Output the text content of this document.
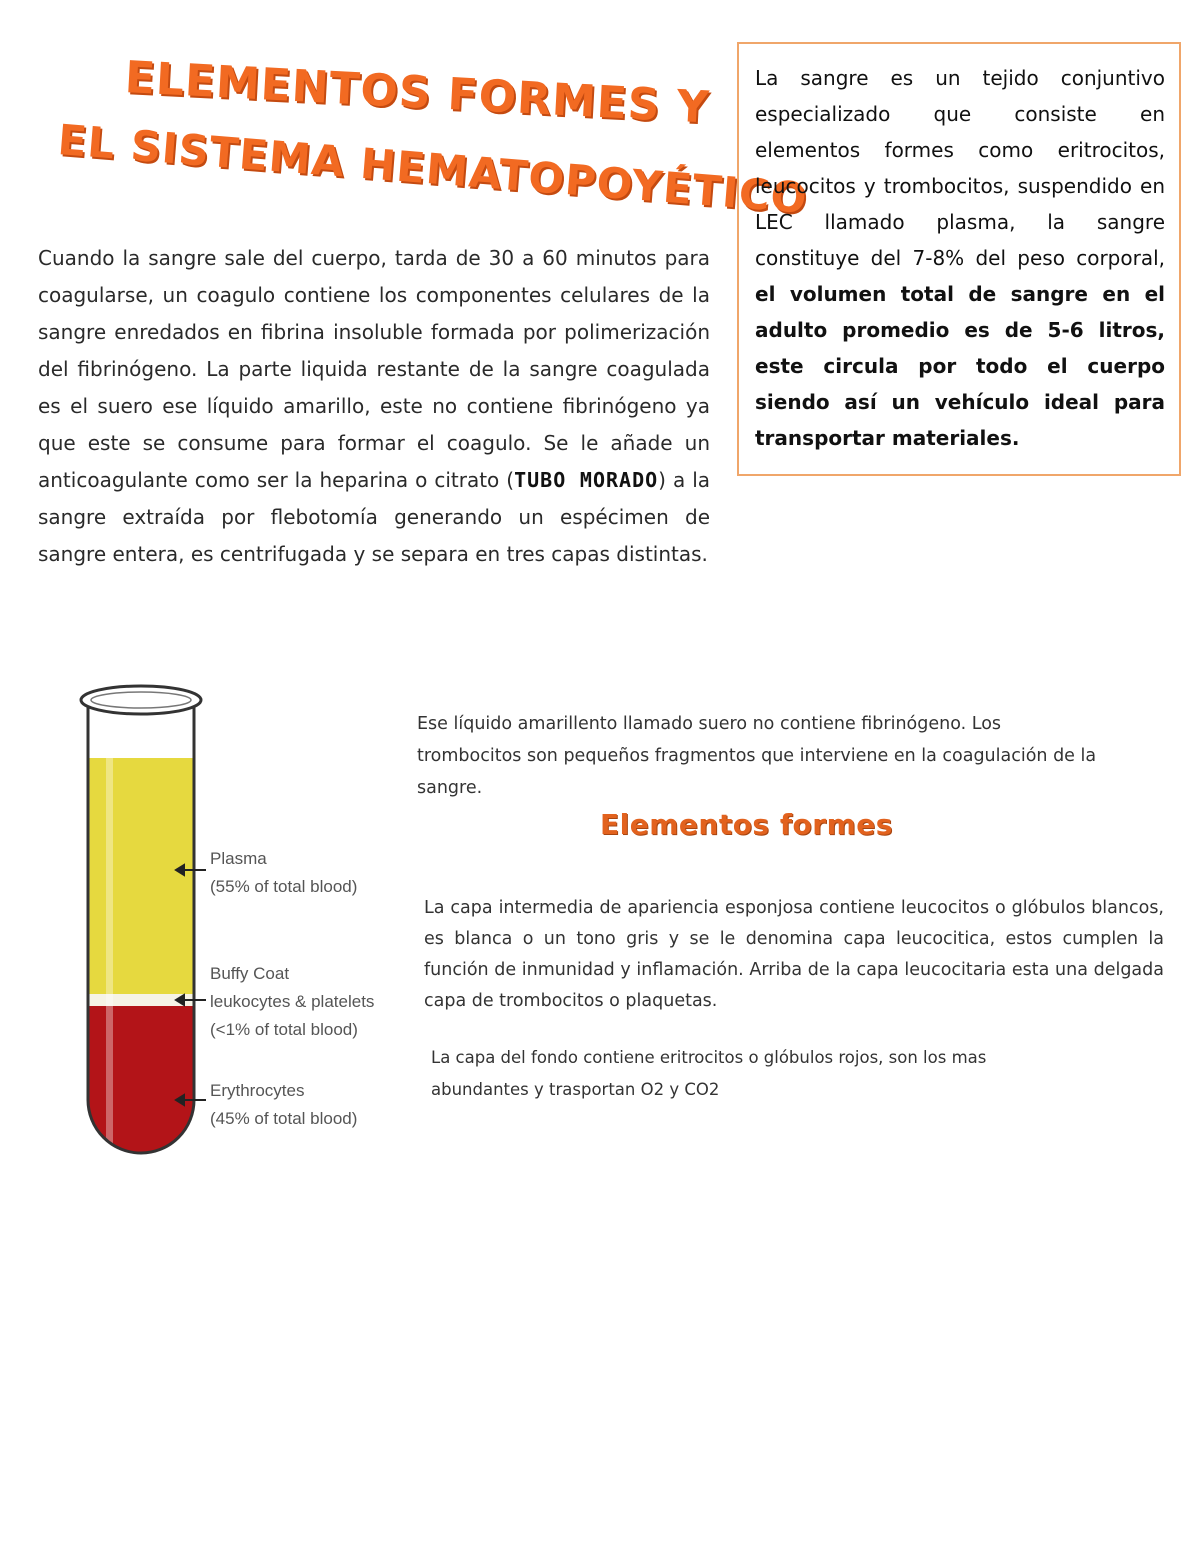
ELEMENTOS FORMES Y
EL SISTEMA HEMATOPOYÉTICO

Cuando la sangre sale del cuerpo, tarda de 30 a 60 minutos para coagularse, un coagulo contiene los componentes celulares de la sangre enredados en fibrina insoluble formada por polimerización del fibrinógeno. La parte liquida restante de la sangre coagulada es el suero ese líquido amarillo, este no contiene fibrinógeno ya que este se consume para formar el coagulo. Se le añade un anticoagulante como ser la heparina o citrato (TUBO MORADO) a la sangre extraída por flebotomía generando un espécimen de sangre entera, es centrifugada y se separa en tres capas distintas.

La sangre es un tejido conjuntivo especializado que consiste en elementos formes como eritrocitos, leucocitos y trombocitos, suspendido en LEC llamado plasma, la sangre constituye del 7-8% del peso corporal, el volumen total de sangre en el adulto promedio es de 5-6 litros, este circula por todo el cuerpo siendo así un vehículo ideal para transportar materiales.

Plasma
(55% of total blood)
Buffy Coat
leukocytes & platelets
(<1% of total blood)
Erythrocytes
(45% of total blood)

Ese líquido amarillento llamado suero no contiene fibrinógeno. Los trombocitos son pequeños fragmentos que interviene en la coagulación de la sangre.

Elementos formes

La capa intermedia de apariencia esponjosa contiene leucocitos o glóbulos blancos, es blanca o un tono gris y se le denomina capa leucocitica, estos cumplen la función de inmunidad y inflamación. Arriba de la capa leucocitaria esta una delgada capa de trombocitos o plaquetas.

La capa del fondo contiene eritrocitos o glóbulos rojos, son los mas abundantes y trasportan O2 y CO2
